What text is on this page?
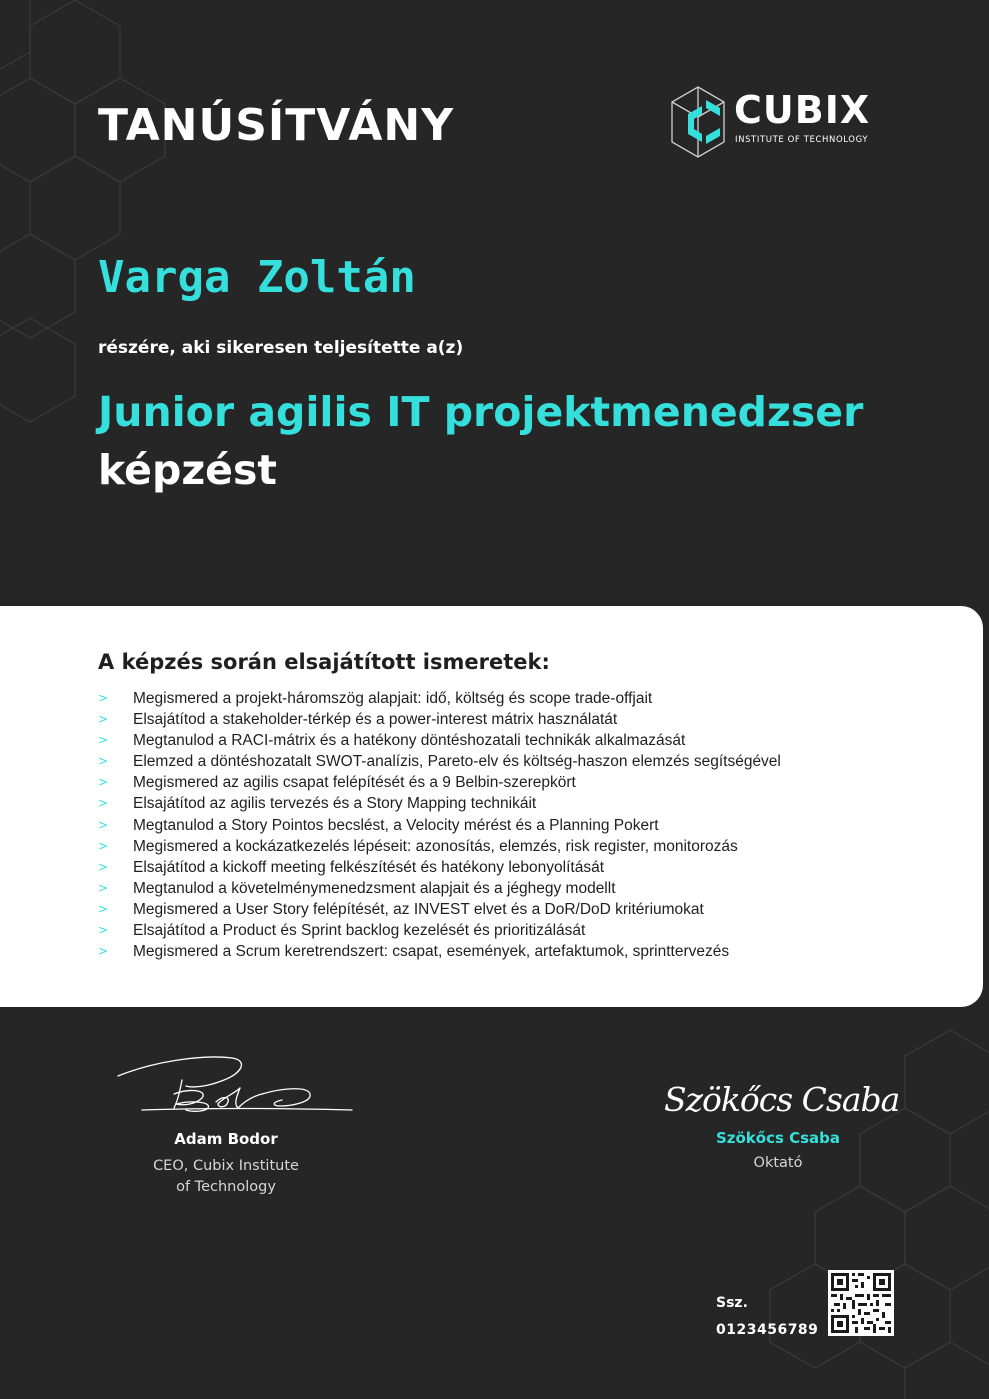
TANÚSÍTVÁNY	CUBIX
INSTITUTE OF TECHNOLOGY
Varga Zoltán

részére, aki sikeresen teljesítette a(z)

Junior agilis IT projektmenedzser
képzést
A képzés során elsajátított ismeretek:
> Megismered a projekt-háromszög alapjait: idő, költség és scope trade-offjait
> Elsajátítod a stakeholder-térkép és a power-interest mátrix használatát
> Megtanulod a RACI-mátrix és a hatékony döntéshozatali technikák alkalmazását
> Elemzed a döntéshozatalt SWOT-analízis, Pareto-elv és költség-haszon elemzés segítségével
> Megismered az agilis csapat felépítését és a 9 Belbin-szerepkört
> Elsajátítod az agilis tervezés és a Story Mapping technikáit
> Megtanulod a Story Pointos becslést, a Velocity mérést és a Planning Pokert
> Megismered a kockázatkezelés lépéseit: azonosítás, elemzés, risk register, monitorozás
> Elsajátítod a kickoff meeting felkészítését és hatékony lebonyolítását
> Megtanulod a követelménymenedzsment alapjait és a jéghegy modellt
> Megismered a User Story felépítését, az INVEST elvet és a DoR/DoD kritériumokat
> Elsajátítod a Product és Sprint backlog kezelését és prioritizálását
> Megismered a Scrum keretrendszert: csapat, események, artefaktumok, sprinttervezés
Adam Bodor
CEO, Cubix Institute
of Technology
Szökőcs Csaba
Szökőcs Csaba
Oktató
Ssz.
0123456789
